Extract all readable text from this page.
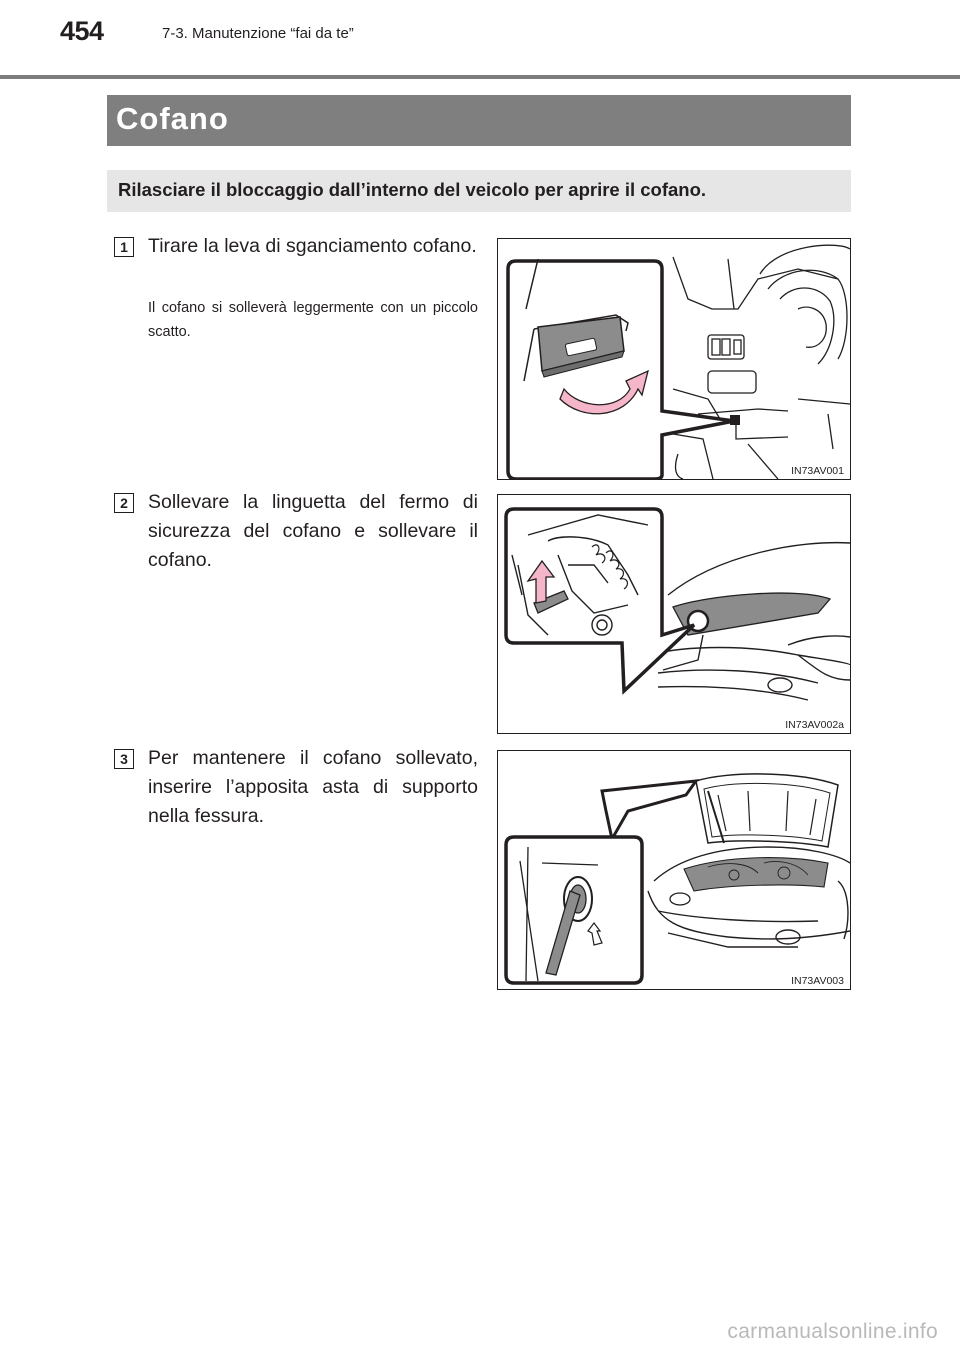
454	7-3. Manutenzione “fai da te”
Cofano
Rilasciare il bloccaggio dall’interno del veicolo per aprire il cofano.
1	Tirare la leva di sganciamento cofano.
Il cofano si solleverà leggermente con un piccolo scatto.
IN73AV001
2	Sollevare la linguetta del fermo di sicurezza del cofano e sollevare il cofano.
IN73AV002a
3	Per mantenere il cofano sollevato, inserire l’apposita asta di supporto nella fessura.
IN73AV003
carmanualsonline.info
